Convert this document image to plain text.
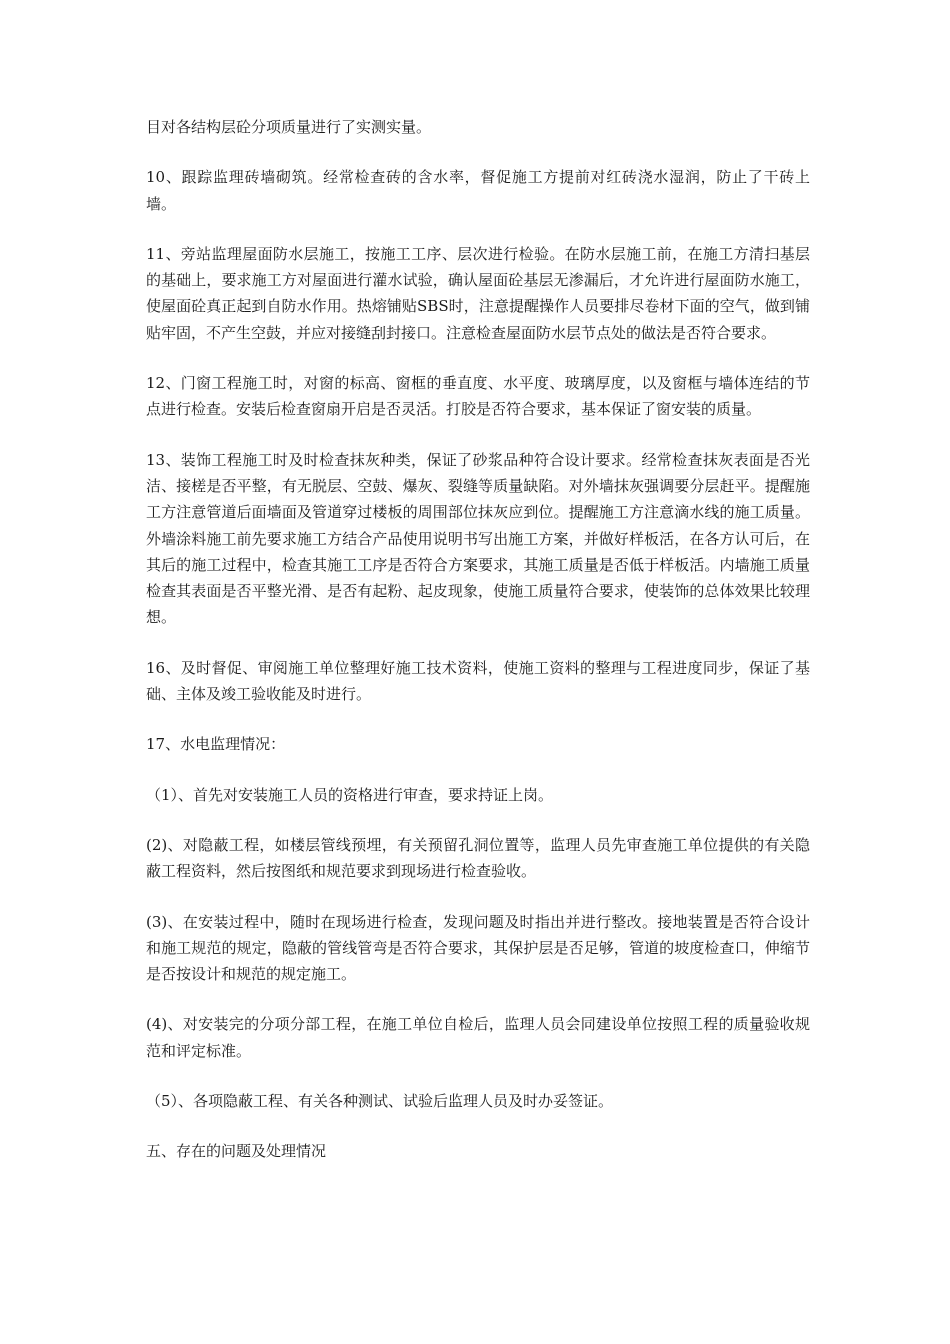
目对各结构层砼分项质量进行了实测实量。

10、跟踪监理砖墙砌筑。经常检查砖的含水率，督促施工方提前对红砖浇水湿润，防止了干砖上墙。

11、旁站监理屋面防水层施工，按施工工序、层次进行检验。在防水层施工前，在施工方清扫基层的基础上，要求施工方对屋面进行灌水试验，确认屋面砼基层无渗漏后，才允许进行屋面防水施工，使屋面砼真正起到自防水作用。热熔铺贴SBS时，注意提醒操作人员要排尽卷材下面的空气，做到铺贴牢固，不产生空鼓，并应对接缝刮封接口。注意检查屋面防水层节点处的做法是否符合要求。

12、门窗工程施工时，对窗的标高、窗框的垂直度、水平度、玻璃厚度，以及窗框与墙体连结的节点进行检查。安装后检查窗扇开启是否灵活。打胶是否符合要求，基本保证了窗安装的质量。

13、装饰工程施工时及时检查抹灰种类，保证了砂浆品种符合设计要求。经常检查抹灰表面是否光洁、接槎是否平整，有无脱层、空鼓、爆灰、裂缝等质量缺陷。对外墙抹灰强调要分层赶平。提醒施工方注意管道后面墙面及管道穿过楼板的周围部位抹灰应到位。提醒施工方注意滴水线的施工质量。外墙涂料施工前先要求施工方结合产品使用说明书写出施工方案，并做好样板活，在各方认可后，在其后的施工过程中，检查其施工工序是否符合方案要求，其施工质量是否低于样板活。内墙施工质量检查其表面是否平整光滑、是否有起粉、起皮现象，使施工质量符合要求，使装饰的总体效果比较理想。

16、及时督促、审阅施工单位整理好施工技术资料，使施工资料的整理与工程进度同步，保证了基础、主体及竣工验收能及时进行。

17、水电监理情况：

（1）、首先对安装施工人员的资格进行审查，要求持证上岗。

(2)、对隐蔽工程，如楼层管线预埋，有关预留孔洞位置等，监理人员先审查施工单位提供的有关隐蔽工程资料，然后按图纸和规范要求到现场进行检查验收。

(3)、在安装过程中，随时在现场进行检查，发现问题及时指出并进行整改。接地装置是否符合设计和施工规范的规定，隐蔽的管线管弯是否符合要求，其保护层是否足够，管道的坡度检查口，伸缩节是否按设计和规范的规定施工。

(4)、对安装完的分项分部工程，在施工单位自检后，监理人员会同建设单位按照工程的质量验收规范和评定标准。

（5）、各项隐蔽工程、有关各种测试、试验后监理人员及时办妥签证。

五、存在的问题及处理情况
